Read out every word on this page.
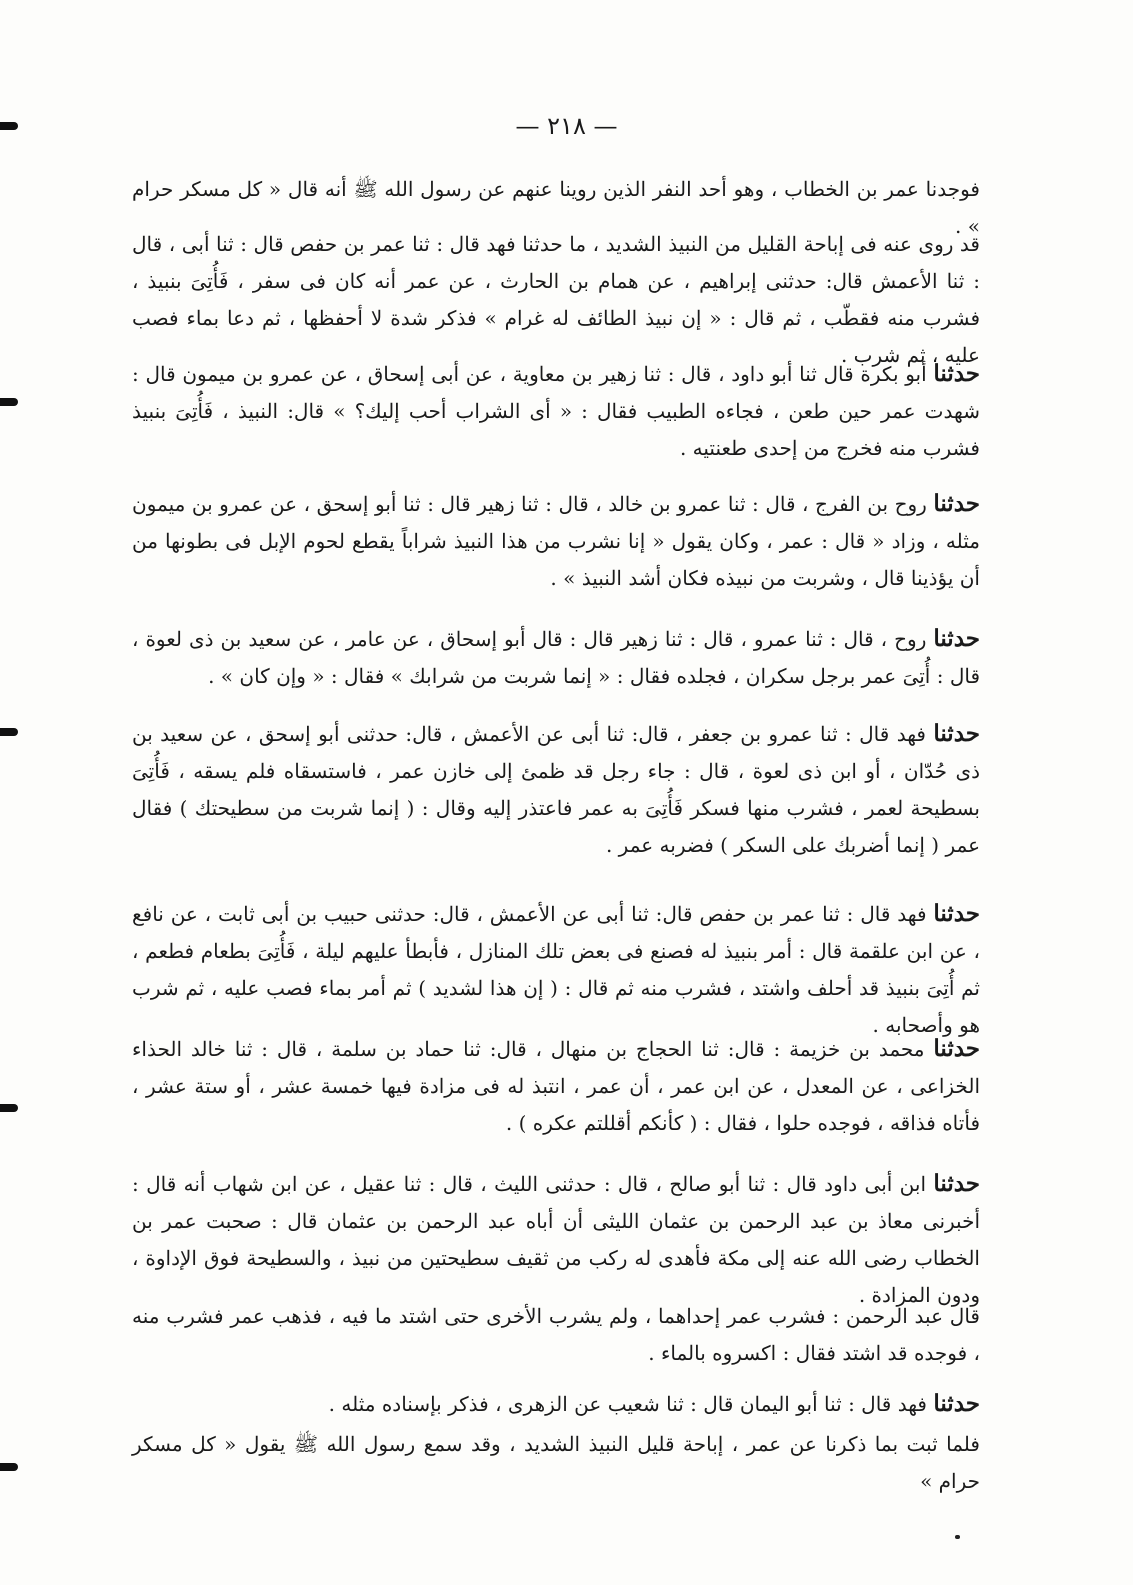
— ٢١٨ —

فوجدنا عمر بن الخطاب ، وهو أحد النفر الذين روينا عنهم عن رسول الله ﷺ أنه قال « كل مسكر حرام » .

قد روى عنه فى إباحة القليل من النبيذ الشديد ، ما حدثنا فهد قال : ثنا عمر بن حفص قال : ثنا أبى ، قال : ثنا الأعمش قال: حدثنى إبراهيم ، عن همام بن الحارث ، عن عمر أنه كان فى سفر ، فَأُتِىَ بنبيذ ، فشرب منه فقطّب ، ثم قال : « إن نبيذ الطائف له غرام » فذكر شدة لا أحفظها ، ثم دعا بماء فصب عليه ، ثم شرب .

حدثنا أبو بكرة قال ثنا أبو داود ، قال : ثنا زهير بن معاوية ، عن أبى إسحاق ، عن عمرو بن ميمون قال : شهدت عمر حين طعن ، فجاءه الطبيب فقال : « أى الشراب أحب إليك؟ » قال: النبيذ ، فَأُتِىَ بنبيذ فشرب منه فخرج من إحدى طعنتيه .

حدثنا روح بن الفرج ، قال : ثنا عمرو بن خالد ، قال : ثنا زهير قال : ثنا أبو إسحق ، عن عمرو بن ميمون مثله ، وزاد « قال : عمر ، وكان يقول « إنا نشرب من هذا النبيذ شراباً يقطع لحوم الإبل فى بطونها من أن يؤذينا قال ، وشربت من نبيذه فكان أشد النبيذ » .

حدثنا روح ، قال : ثنا عمرو ، قال : ثنا زهير قال : قال أبو إسحاق ، عن عامر ، عن سعيد بن ذى لعوة ، قال : أُتِىَ عمر برجل سكران ، فجلده فقال : « إنما شربت من شرابك » فقال : « وإن كان » .

حدثنا فهد قال : ثنا عمرو بن جعفر ، قال: ثنا أبى عن الأعمش ، قال: حدثنى أبو إسحق ، عن سعيد بن ذى حُدّان ، أو ابن ذى لعوة ، قال : جاء رجل قد ظمئ إلى خازن عمر ، فاستسقاه فلم يسقه ، فَأُتِىَ بسطيحة لعمر ، فشرب منها فسكر فَأُتِىَ به عمر فاعتذر إليه وقال : ( إنما شربت من سطيحتك ) فقال عمر ( إنما أضربك على السكر ) فضربه عمر .

حدثنا فهد قال : ثنا عمر بن حفص قال: ثنا أبى عن الأعمش ، قال: حدثنى حبيب بن أبى ثابت ، عن نافع ، عن ابن علقمة قال : أمر بنبيذ له فصنع فى بعض تلك المنازل ، فأبطأ عليهم ليلة ، فَأُتِىَ بطعام فطعم ، ثم أُتِىَ بنبيذ قد أحلف واشتد ، فشرب منه ثم قال : ( إن هذا لشديد ) ثم أمر بماء فصب عليه ، ثم شرب هو وأصحابه .

حدثنا محمد بن خزيمة : قال: ثنا الحجاج بن منهال ، قال: ثنا حماد بن سلمة ، قال : ثنا خالد الحذاء الخزاعى ، عن المعدل ، عن ابن عمر ، أن عمر ، انتبذ له فى مزادة فيها خمسة عشر ، أو ستة عشر ، فأتاه فذاقه ، فوجده حلوا ، فقال : ( كأنكم أقللتم عكره ) .

حدثنا ابن أبى داود قال : ثنا أبو صالح ، قال : حدثنى الليث ، قال : ثنا عقيل ، عن ابن شهاب أنه قال : أخبرنى معاذ بن عبد الرحمن بن عثمان الليثى أن أباه عبد الرحمن بن عثمان قال : صحبت عمر بن الخطاب رضى الله عنه إلى مكة فأهدى له ركب من ثقيف سطيحتين من نبيذ ، والسطيحة فوق الإداوة ، ودون المزادة .

قال عبد الرحمن : فشرب عمر إحداهما ، ولم يشرب الأخرى حتى اشتد ما فيه ، فذهب عمر فشرب منه ، فوجده قد اشتد فقال : اكسروه بالماء .

حدثنا فهد قال : ثنا أبو اليمان قال : ثنا شعيب عن الزهرى ، فذكر بإسناده مثله .

فلما ثبت بما ذكرنا عن عمر ، إباحة قليل النبيذ الشديد ، وقد سمع رسول الله ﷺ يقول « كل مسكر حرام »
